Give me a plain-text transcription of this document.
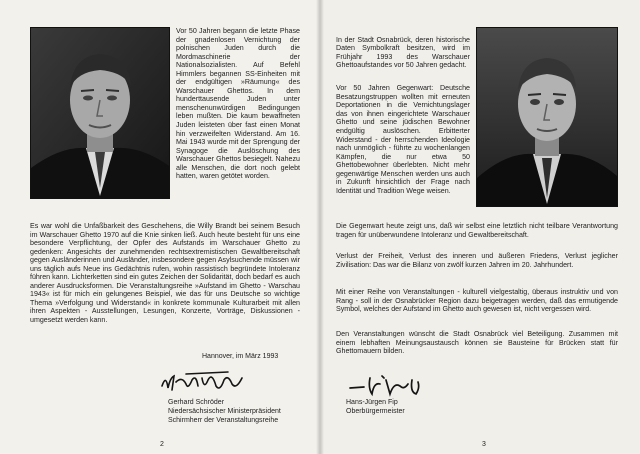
Vor 50 Jahren begann die letzte Phase der gnadenlosen Vernichtung der polnischen Juden durch die Mordmaschinerie der Nationalsozialisten. Auf Befehl Himmlers begannen SS-Einheiten mit der endgültigen »Räumung« des Warschauer Ghettos. In dem hunderttausende Juden unter menschenunwürdigen Bedingungen leben mußten. Die kaum bewaffneten Juden leisteten über fast einen Monat hin verzweifelten Widerstand. Am 16. Mai 1943 wurde mit der Sprengung der Synagoge die Auslöschung des Warschauer Ghettos besiegelt. Nahezu alle Menschen, die dort noch gelebt hatten, waren getötet worden.

Es war wohl die Unfaßbarkeit des Geschehens, die Willy Brandt bei seinem Besuch im Warschauer Ghetto 1970 auf die Knie sinken ließ. Auch heute besteht für uns eine besondere Verpflichtung, der Opfer des Aufstands im Warschauer Ghetto zu gedenken: Angesichts der zunehmenden rechtsextremistischen Gewaltbereitschaft gegen Ausländerinnen und Ausländer, insbesondere gegen Asylsuchende müssen wir uns täglich aufs Neue ins Gedächtnis rufen, wohin rassistisch begründete Intoleranz führen kann. Lichterketten sind ein gutes Zeichen der Solidarität, doch bedarf es auch anderer Ausdrucksformen. Die Veranstaltungsreihe »Aufstand im Ghetto - Warschau 1943« ist für mich ein gelungenes Beispiel, wie das für uns Deutsche so wichtige Thema »Verfolgung und Widerstand« in konkrete kommunale Kulturarbeit mit allen ihren Aspekten - Ausstellungen, Lesungen, Konzerte, Vorträge, Diskussionen - umgesetzt werden kann.

Hannover, im März 1993
Gerhard Schröder
Niedersächsischer Ministerpräsident
Schirmherr der Veranstaltungsreihe
2

In der Stadt Osnabrück, deren historische Daten Symbolkraft besitzen, wird im Frühjahr 1993 des Warschauer Ghettoaufstandes vor 50 Jahren gedacht.

Vor 50 Jahren Gegenwart: Deutsche Besatzungstruppen wollten mit erneuten Deportationen in die Vernichtungslager das von ihnen eingerichtete Warschauer Ghetto und seine jüdischen Bewohner endgültig auslöschen. Erbitterter Widerstand - der herrschenden Ideologie nach unmöglich - führte zu wochenlangen Kämpfen, die nur etwa 50 Ghettobewohner überlebten. Nicht mehr gegenwärtige Menschen werden uns auch in Zukunft hinsichtlich der Frage nach Identität und Tradition Wege weisen.

Die Gegenwart heute zeigt uns, daß wir selbst eine letztlich nicht teilbare Verantwortung tragen für unüberwundene Intoleranz und Gewaltbereitschaft.

Verlust der Freiheit, Verlust des inneren und äußeren Friedens, Verlust jeglicher Zivilisation: Das war die Bilanz von zwölf kurzen Jahren im 20. Jahrhundert.

Mit einer Reihe von Veranstaltungen - kulturell vielgestaltig, überaus instruktiv und von Rang - soll in der Osnabrücker Region dazu beigetragen werden, daß das ermutigende Symbol, welches der Aufstand im Ghetto auch gewesen ist, nicht vergessen wird.

Den Veranstaltungen wünscht die Stadt Osnabrück viel Beteiligung. Zusammen mit einem lebhaften Meinungsaustausch können sie Bausteine für Brücken statt für Ghettomauern bilden.

Hans-Jürgen Fip
Oberbürgermeister
3
